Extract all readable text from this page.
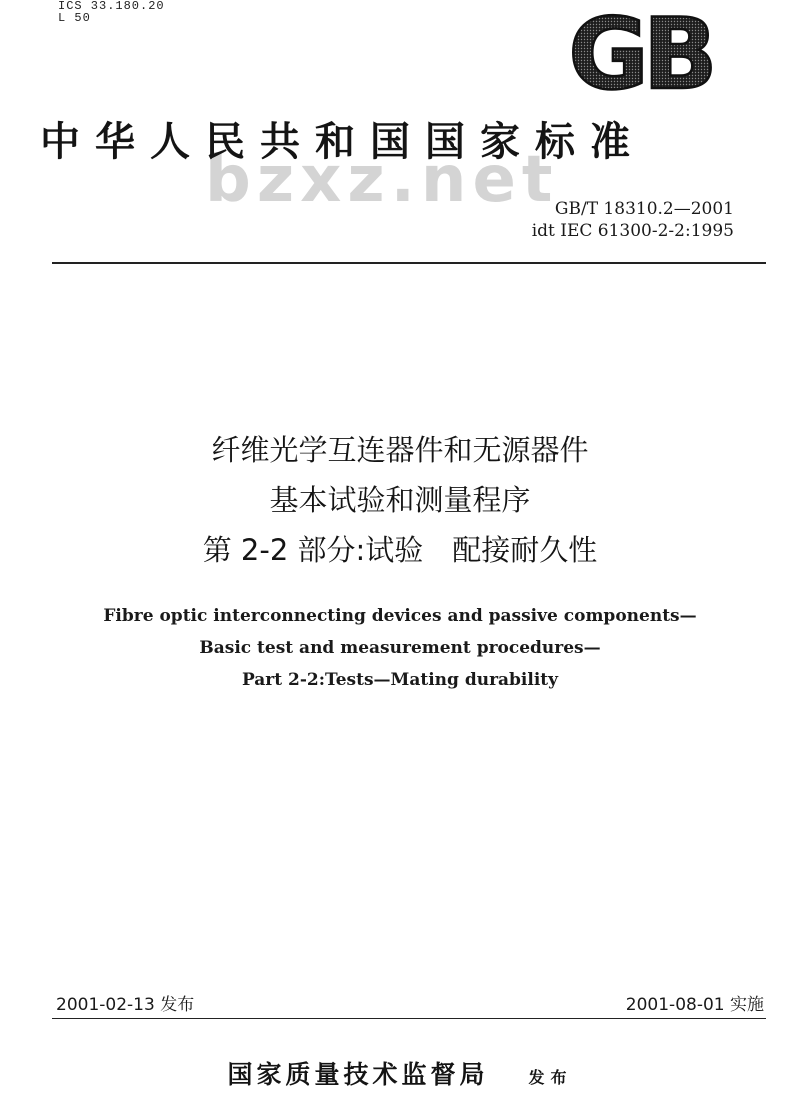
ICS 33.180.20
L 50	GB
bzxz.net
中华人民共和国国家标准
GB/T 18310.2—2001
idt IEC 61300-2-2:1995
纤维光学互连器件和无源器件
基本试验和测量程序
第 2-2 部分:试验　配接耐久性
Fibre optic interconnecting devices and passive components—
Basic test and measurement procedures—
Part 2-2:Tests—Mating durability
2001-02-13 发布	2001-08-01 实施
国家质量技术监督局	发布
